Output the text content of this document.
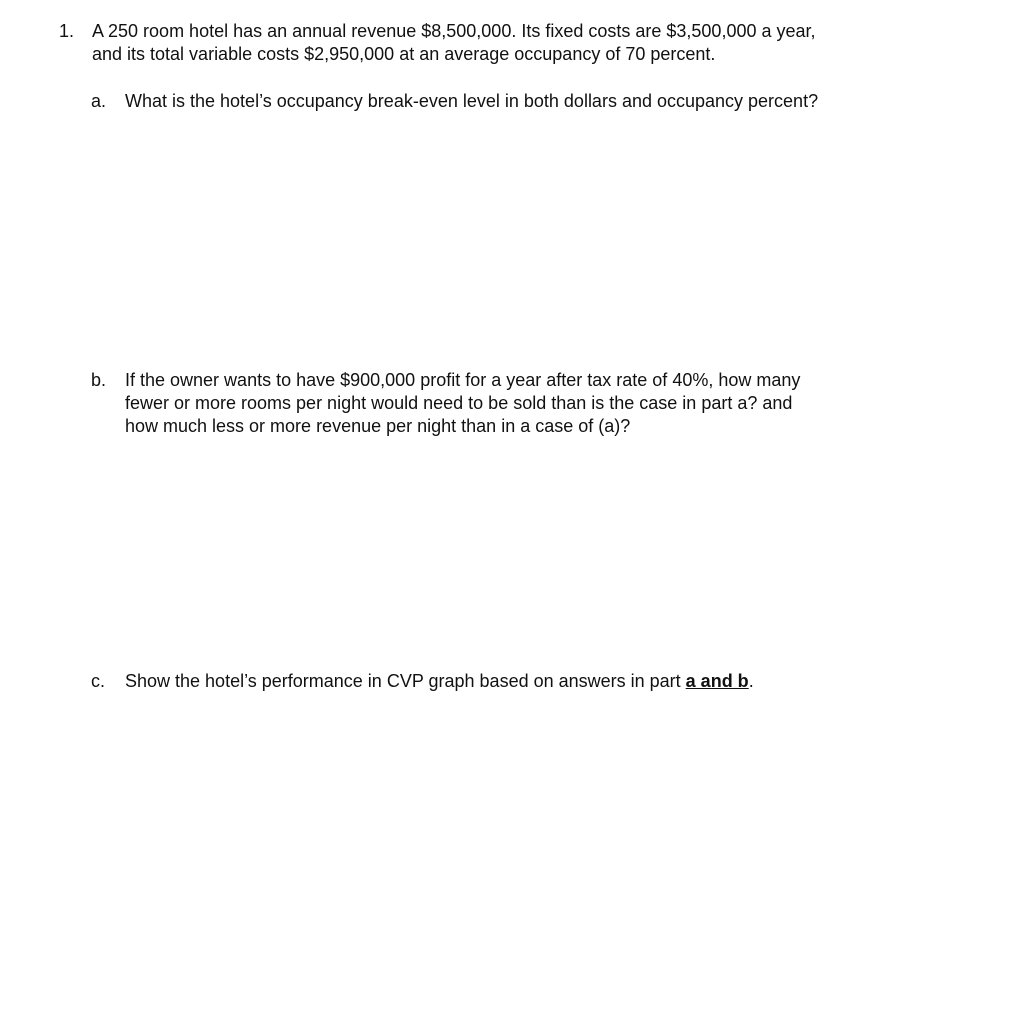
1. A 250 room hotel has an annual revenue $8,500,000. Its fixed costs are $3,500,000 a year,
and its total variable costs $2,950,000 at an average occupancy of 70 percent.
a. What is the hotel’s occupancy break-even level in both dollars and occupancy percent?
b. If the owner wants to have $900,000 profit for a year after tax rate of 40%, how many
fewer or more rooms per night would need to be sold than is the case in part a? and
how much less or more revenue per night than in a case of (a)?
c. Show the hotel’s performance in CVP graph based on answers in part a and b.
